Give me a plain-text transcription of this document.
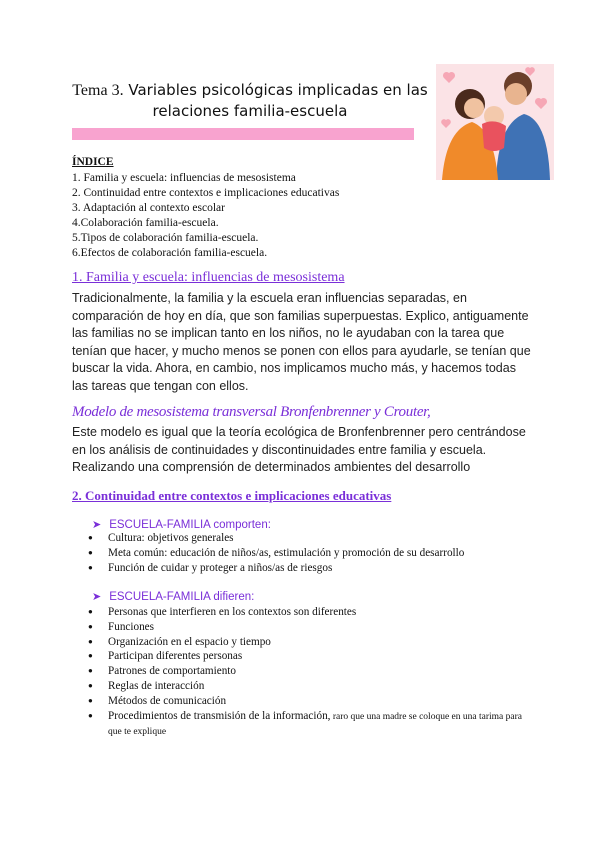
Tema 3. Variables psicológicas implicadas en las
relaciones familia-escuela
ÍNDICE
1. Familia y escuela: influencias de mesosistema
2. Continuidad entre contextos e implicaciones educativas
3. Adaptación al contexto escolar
4.Colaboración familia-escuela.
5.Tipos de colaboración familia-escuela.
6.Efectos de colaboración familia-escuela.
1. Familia y escuela: influencias de mesosistema

Tradicionalmente, la familia y la escuela eran influencias separadas, en comparación de hoy en día, que son familias superpuestas. Explico, antiguamente las familias no se implican tanto en los niños, no le ayudaban con la tarea que tenían que hacer, y mucho menos se ponen con ellos para ayudarle, se tenían que buscar la vida. Ahora, en cambio, nos implicamos mucho más, y hacemos todas las tareas que tengan con ellos.

Modelo de mesosistema transversal Bronfenbrenner y Crouter,

Este modelo es igual que la teoría ecológica de Bronfenbrenner pero centrándose en los análisis de continuidades y discontinuidades entre familia y escuela. Realizando una comprensión de determinados ambientes del desarrollo

2. Continuidad entre contextos e implicaciones educativas
➤ ESCUELA-FAMILIA comporten:
● Cultura: objetivos generales
● Meta común: educación de niños/as, estimulación y promoción de su desarrollo
● Función de cuidar y proteger a niños/as de riesgos
➤ ESCUELA-FAMILIA difieren:
● Personas que interfieren en los contextos son diferentes
● Funciones
● Organización en el espacio y tiempo
● Participan diferentes personas
● Patrones de comportamiento
● Reglas de interacción
● Métodos de comunicación
● Procedimientos de transmisión de la información, raro que una madre se coloque en una tarima para que te explique
